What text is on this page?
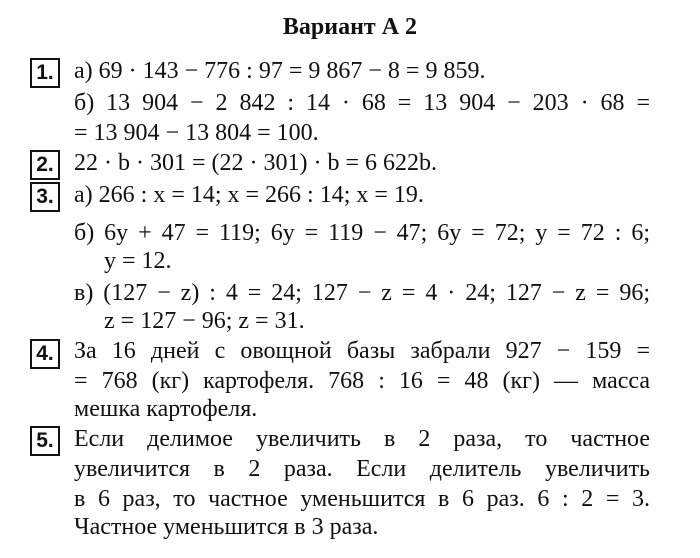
Вариант А 2
1. а) 69 · 143 − 776 : 97 = 9 867 − 8 = 9 859.
б) 13 904 − 2 842 : 14 · 68 = 13 904 − 203 · 68 =
= 13 904 − 13 804 = 100.
2. 22 · b · 301 = (22 · 301) · b = 6 622b.
3. а) 266 : x = 14; x = 266 : 14; x = 19.
б) 6y + 47 = 119; 6y = 119 − 47; 6y = 72; y = 72 : 6;
y = 12.
в) (127 − z) : 4 = 24; 127 − z = 4 · 24; 127 − z = 96;
z = 127 − 96; z = 31.
4. За 16 дней с овощной базы забрали 927 − 159 =
= 768 (кг) картофеля. 768 : 16 = 48 (кг) — масса
мешка картофеля.
5. Если делимое увеличить в 2 раза, то частное
увеличится в 2 раза. Если делитель увеличить
в 6 раз, то частное уменьшится в 6 раз. 6 : 2 = 3.
Частное уменьшится в 3 раза.
